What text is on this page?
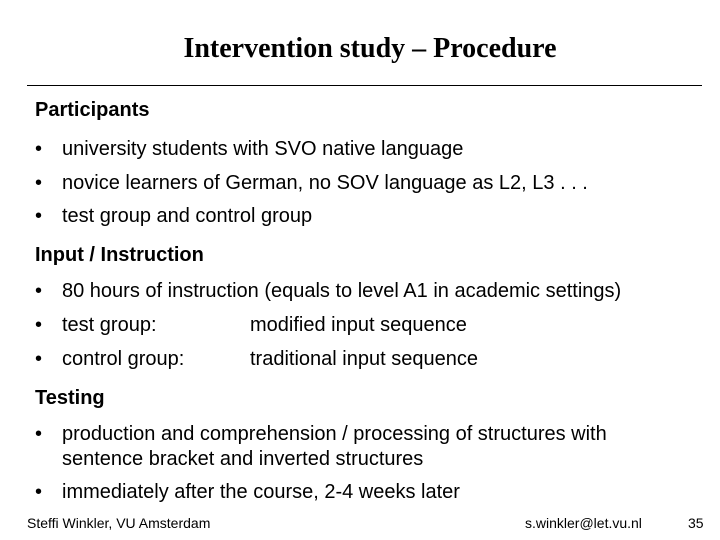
Intervention study – Procedure
Participants
• university students with SVO native language
• novice learners of German, no SOV language as L2, L3 . . .
• test group and control group
Input / Instruction
• 80 hours of instruction (equals to level A1 in academic settings)
• test group:	modified input sequence
• control group:	traditional input sequence
Testing
• production and comprehension / processing of structures with sentence bracket and inverted structures
• immediately after the course, 2-4 weeks later
Steffi Winkler, VU Amsterdam	s.winkler@let.vu.nl	35
